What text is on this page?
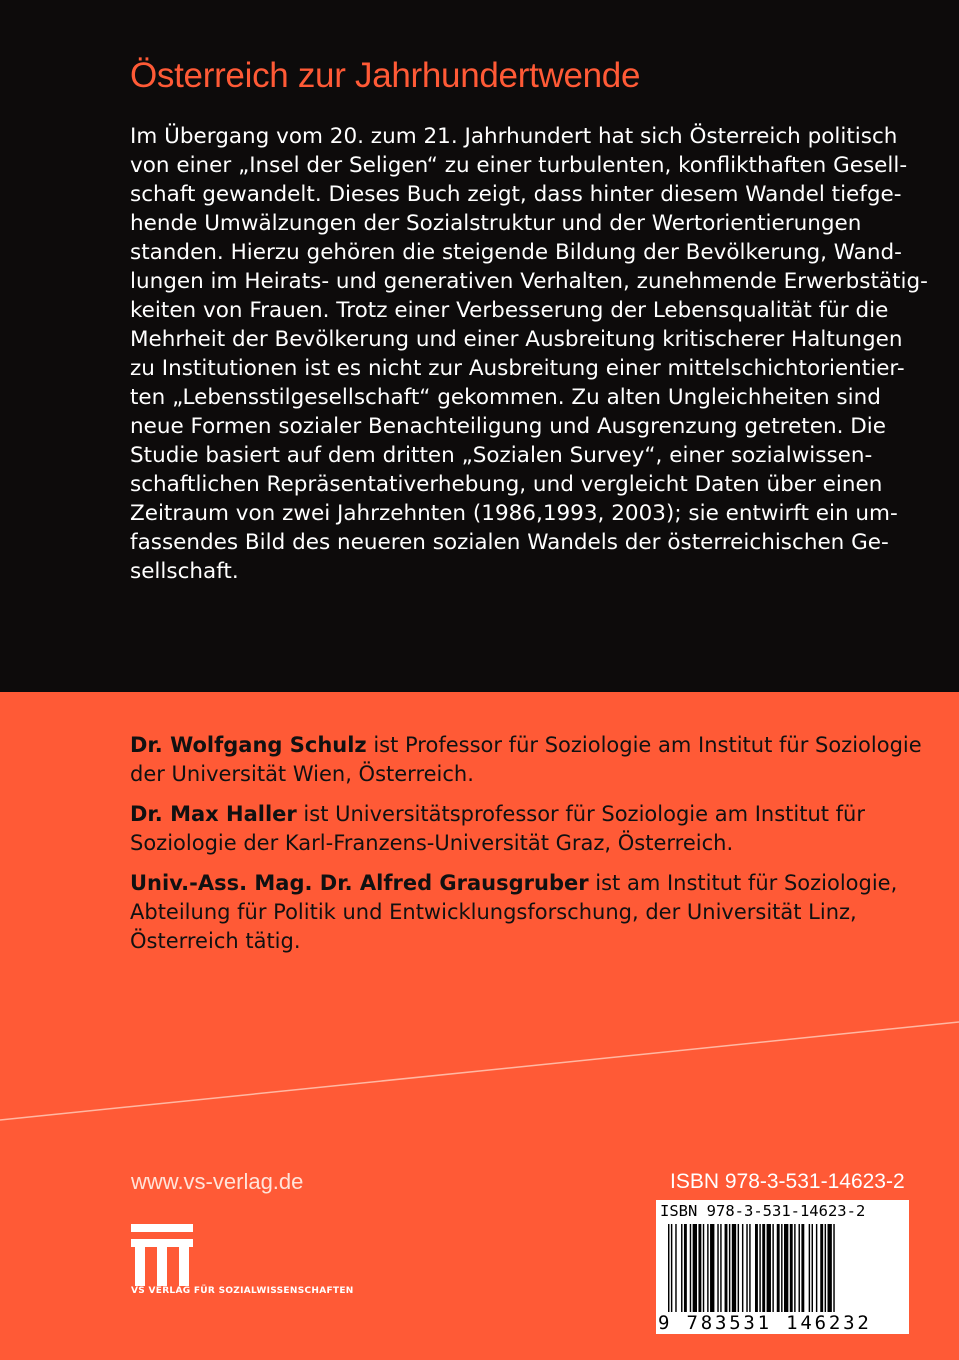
Österreich zur Jahrhundertwende
Im Übergang vom 20. zum 21. Jahrhundert hat sich Österreich politisch
von einer „Insel der Seligen“ zu einer turbulenten, konflikthaften Gesell-
schaft gewandelt. Dieses Buch zeigt, dass hinter diesem Wandel tiefge-
hende Umwälzungen der Sozialstruktur und der Wertorientierungen
standen. Hierzu gehören die steigende Bildung der Bevölkerung, Wand-
lungen im Heirats- und generativen Verhalten, zunehmende Erwerbstätig-
keiten von Frauen. Trotz einer Verbesserung der Lebensqualität für die
Mehrheit der Bevölkerung und einer Ausbreitung kritischerer Haltungen
zu Institutionen ist es nicht zur Ausbreitung einer mittelschichtorientier-
ten „Lebensstilgesellschaft“ gekommen. Zu alten Ungleichheiten sind
neue Formen sozialer Benachteiligung und Ausgrenzung getreten. Die
Studie basiert auf dem dritten „Sozialen Survey“, einer sozialwissen-
schaftlichen Repräsentativerhebung, und vergleicht Daten über einen
Zeitraum von zwei Jahrzehnten (1986,1993, 2003); sie entwirft ein um-
fassendes Bild des neueren sozialen Wandels der österreichischen Ge-
sellschaft.
Dr. Wolfgang Schulz ist Professor für Soziologie am Institut für Soziologie
der Universität Wien, Österreich.
Dr. Max Haller ist Universitätsprofessor für Soziologie am Institut für
Soziologie der Karl-Franzens-Universität Graz, Österreich.
Univ.-Ass. Mag. Dr. Alfred Grausgruber ist am Institut für Soziologie,
Abteilung für Politik und Entwicklungsforschung, der Universität Linz,
Österreich tätig.
www.vs-verlag.de
VS VERLAG FÜR SOZIALWISSENSCHAFTEN
ISBN 978-3-531-14623-2
ISBN 978-3-531-14623-2
9 783531 146232
